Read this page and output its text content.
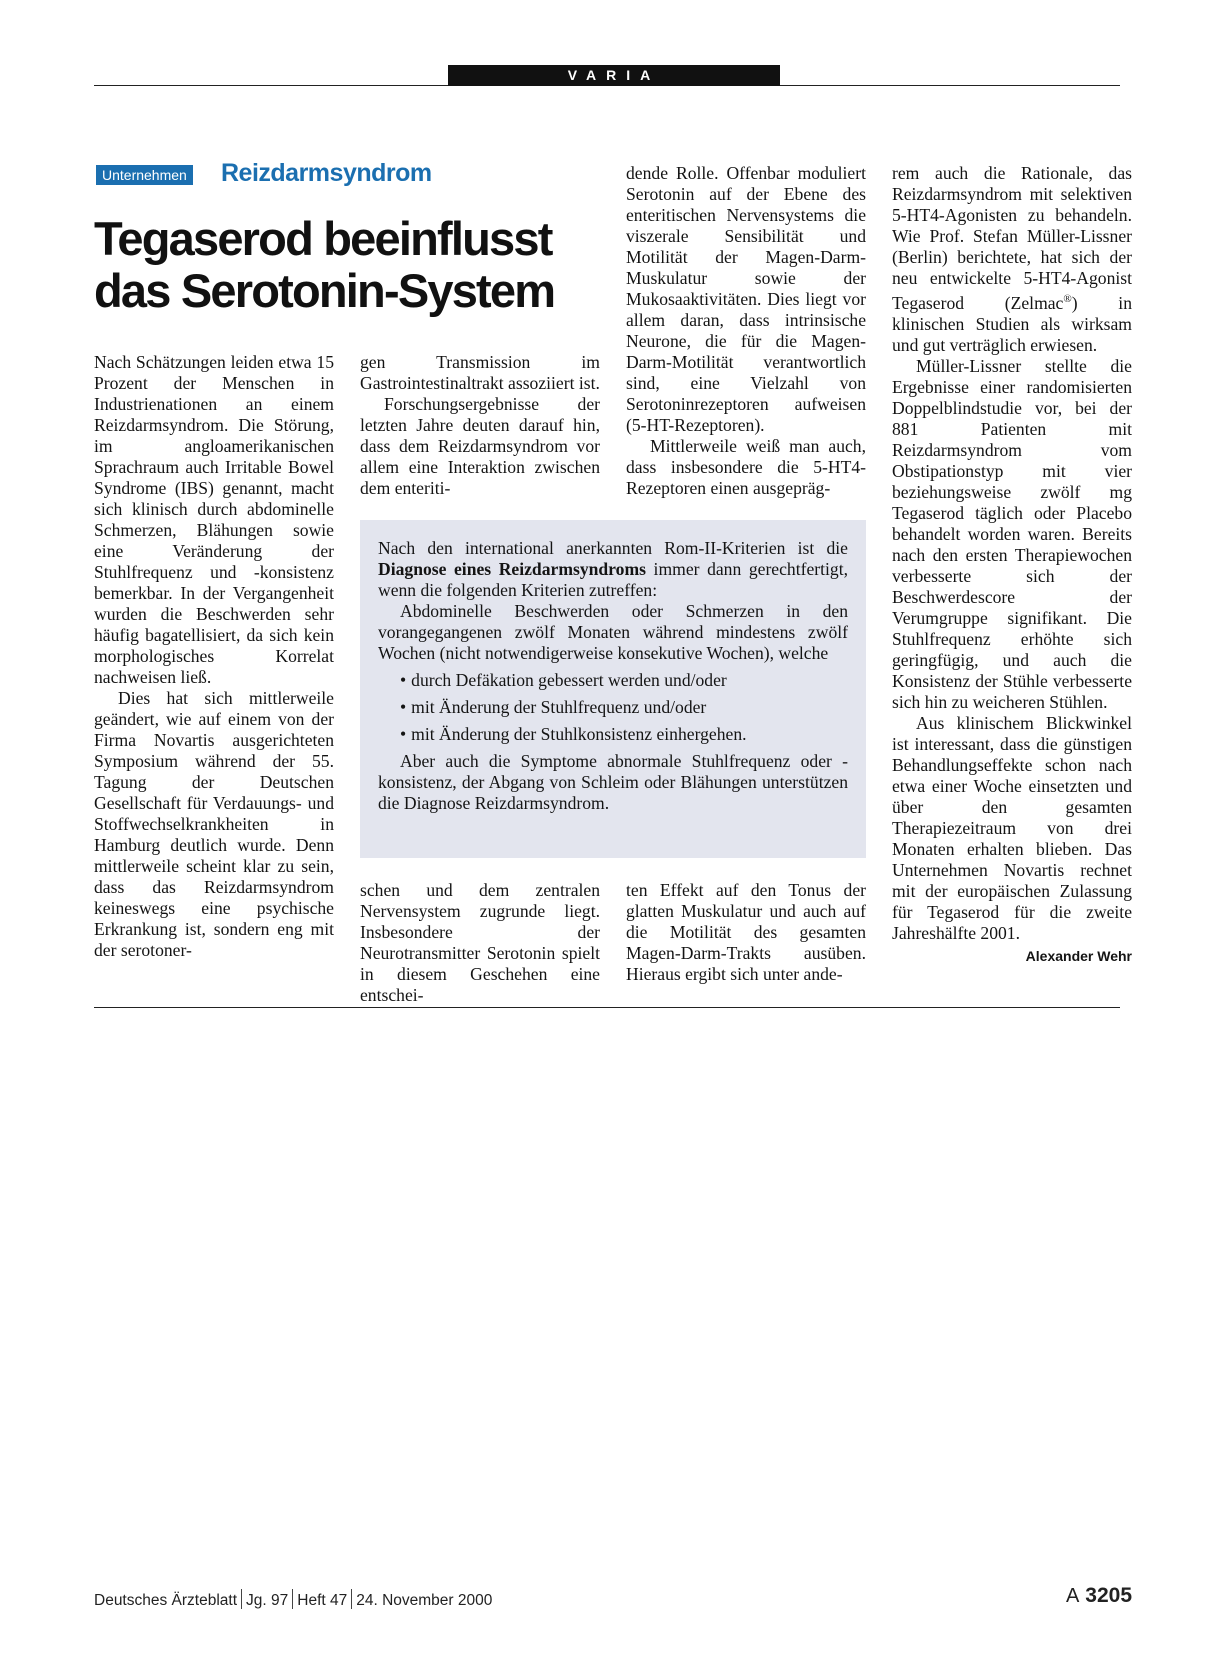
VARIA
Unternehmen Reizdarmsyndrom
Tegaserod beeinflusst
das Serotonin-System

Nach Schätzungen leiden etwa 15 Prozent der Menschen in Industrienationen an einem Reizdarmsyndrom. Die Störung, im angloamerikanischen Sprachraum auch Irritable Bowel Syndrome (IBS) genannt, macht sich klinisch durch abdominelle Schmerzen, Blähungen sowie eine Veränderung der Stuhlfrequenz und -konsistenz bemerkbar. In der Vergangenheit wurden die Beschwerden sehr häufig bagatellisiert, da sich kein morphologisches Korrelat nachweisen ließ.

Dies hat sich mittlerweile geändert, wie auf einem von der Firma Novartis ausgerichteten Symposium während der 55. Tagung der Deutschen Gesellschaft für Verdauungs- und Stoffwechselkrankheiten in Hamburg deutlich wurde. Denn mittlerweile scheint klar zu sein, dass das Reizdarmsyndrom keineswegs eine psychische Erkrankung ist, sondern eng mit der serotoner-

gen Transmission im Gastrointestinaltrakt assoziiert ist.

Forschungsergebnisse der letzten Jahre deuten darauf hin, dass dem Reizdarmsyndrom vor allem eine Interaktion zwischen dem enteriti-

dende Rolle. Offenbar moduliert Serotonin auf der Ebene des enteritischen Nervensystems die viszerale Sensibilität und Motilität der Magen-Darm-Muskulatur sowie der Mukosaaktivitäten. Dies liegt vor allem daran, dass intrinsische Neurone, die für die Magen-Darm-Motilität verantwortlich sind, eine Vielzahl von Serotoninrezeptoren aufweisen (5-HT-Rezeptoren).

Mittlerweile weiß man auch, dass insbesondere die 5-HT4-Rezeptoren einen ausgepräg-

Nach den international anerkannten Rom-II-Kriterien ist die Diagnose eines Reizdarmsyndroms immer dann gerechtfertigt, wenn die folgenden Kriterien zutreffen:

Abdominelle Beschwerden oder Schmerzen in den vorangegangenen zwölf Monaten während mindestens zwölf Wochen (nicht notwendigerweise konsekutive Wochen), welche

• durch Defäkation gebessert werden und/oder
• mit Änderung der Stuhlfrequenz und/oder
• mit Änderung der Stuhlkonsistenz einhergehen.

Aber auch die Symptome abnormale Stuhlfrequenz oder -konsistenz, der Abgang von Schleim oder Blähungen unterstützen die Diagnose Reizdarmsyndrom.

schen und dem zentralen Nervensystem zugrunde liegt. Insbesondere der Neurotransmitter Serotonin spielt in diesem Geschehen eine entschei-

ten Effekt auf den Tonus der glatten Muskulatur und auch auf die Motilität des gesamten Magen-Darm-Trakts ausüben. Hieraus ergibt sich unter ande-

rem auch die Rationale, das Reizdarmsyndrom mit selektiven 5-HT4-Agonisten zu behandeln. Wie Prof. Stefan Müller-Lissner (Berlin) berichtete, hat sich der neu entwickelte 5-HT4-Agonist Tegaserod (Zelmac®) in klinischen Studien als wirksam und gut verträglich erwiesen.

Müller-Lissner stellte die Ergebnisse einer randomisierten Doppelblindstudie vor, bei der 881 Patienten mit Reizdarmsyndrom vom Obstipationstyp mit vier beziehungsweise zwölf mg Tegaserod täglich oder Placebo behandelt worden waren. Bereits nach den ersten Therapiewochen verbesserte sich der Beschwerdescore der Verumgruppe signifikant. Die Stuhlfrequenz erhöhte sich geringfügig, und auch die Konsistenz der Stühle verbesserte sich hin zu weicheren Stühlen.

Aus klinischem Blickwinkel ist interessant, dass die günstigen Behandlungseffekte schon nach etwa einer Woche einsetzten und über den gesamten Therapiezeitraum von drei Monaten erhalten blieben. Das Unternehmen Novartis rechnet mit der europäischen Zulassung für Tegaserod für die zweite Jahreshälfte 2001.
Alexander Wehr

Deutsches Ärzteblatt Jg. 97 Heft 47 24. November 2000	A 3205
